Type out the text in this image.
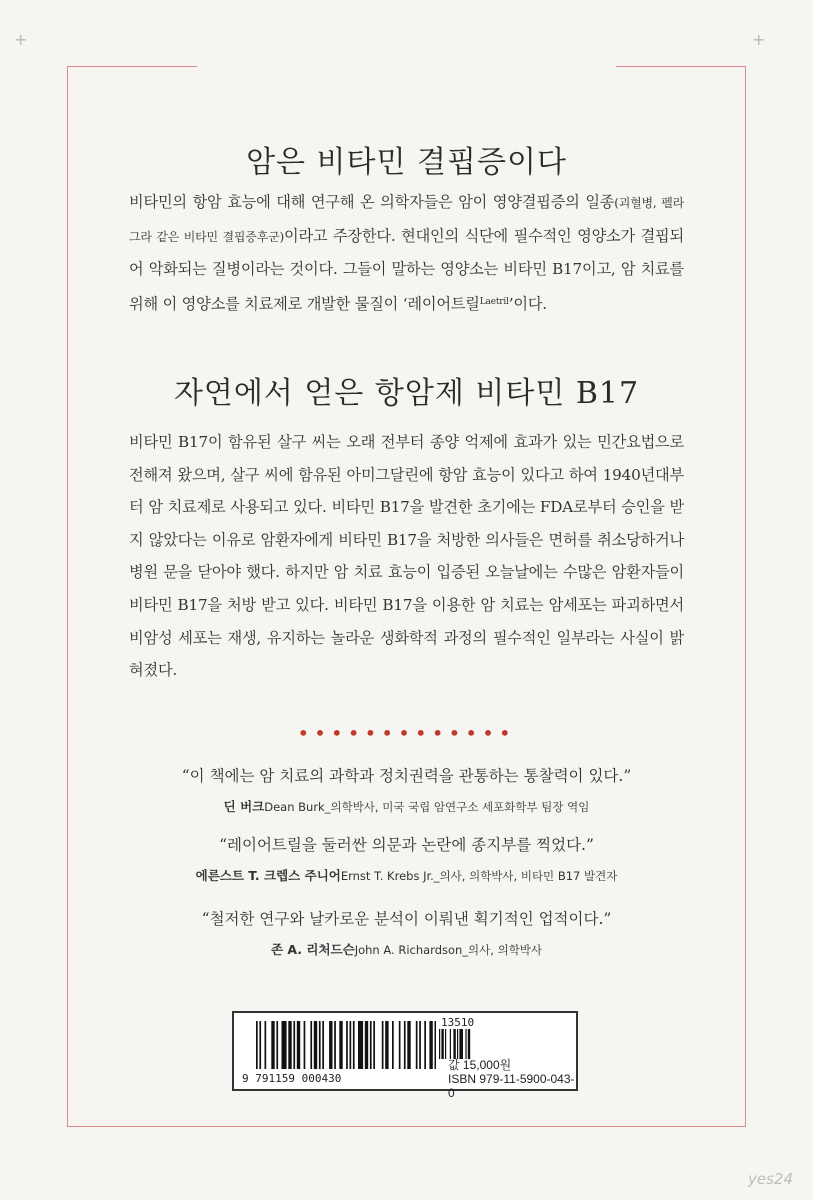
+	+
암은 비타민 결핍증이다
비타민의 항암 효능에 대해 연구해 온 의학자들은 암이 영양결핍증의 일종(괴혈병, 펠라그라 같은 비타민 결핍증후군)이라고 주장한다. 현대인의 식단에 필수적인 영양소가 결핍되어 악화되는 질병이라는 것이다. 그들이 말하는 영양소는 비타민 B17이고, 암 치료를 위해 이 영양소를 치료제로 개발한 물질이 ‘레이어트릴$^{Laetril}$’이다.
자연에서 얻은 항암제 비타민 B17
비타민 B17이 함유된 살구 씨는 오래 전부터 종양 억제에 효과가 있는 민간요법으로 전해져 왔으며, 살구 씨에 함유된 아미그달린에 항암 효능이 있다고 하여 1940년대부터 암 치료제로 사용되고 있다. 비타민 B17을 발견한 초기에는 FDA로부터 승인을 받지 않았다는 이유로 암환자에게 비타민 B17을 처방한 의사들은 면허를 취소당하거나 병원 문을 닫아야 했다. 하지만 암 치료 효능이 입증된 오늘날에는 수많은 암환자들이 비타민 B17을 처방 받고 있다. 비타민 B17을 이용한 암 치료는 암세포는 파괴하면서 비암성 세포는 재생, 유지하는 놀라운 생화학적 과정의 필수적인 일부라는 사실이 밝혀졌다.
•••••••••••••
“이 책에는 암 치료의 과학과 정치권력을 관통하는 통찰력이 있다.”
딘 버크Dean Burk_의학박사, 미국 국립 암연구소 세포화학부 팀장 역임
“레이어트릴을 둘러싼 의문과 논란에 종지부를 찍었다.”
에른스트 T. 크렙스 주니어Ernst T. Krebs Jr._의사, 의학박사, 비타민 B17 발견자
“철저한 연구와 날카로운 분석이 이뤄낸 획기적인 업적이다.”
존 A. 리처드슨John A. Richardson_의사, 의학박사
9 791159 000430
13510
값 15,000원
ISBN 979-11-5900-043-0
yes24
